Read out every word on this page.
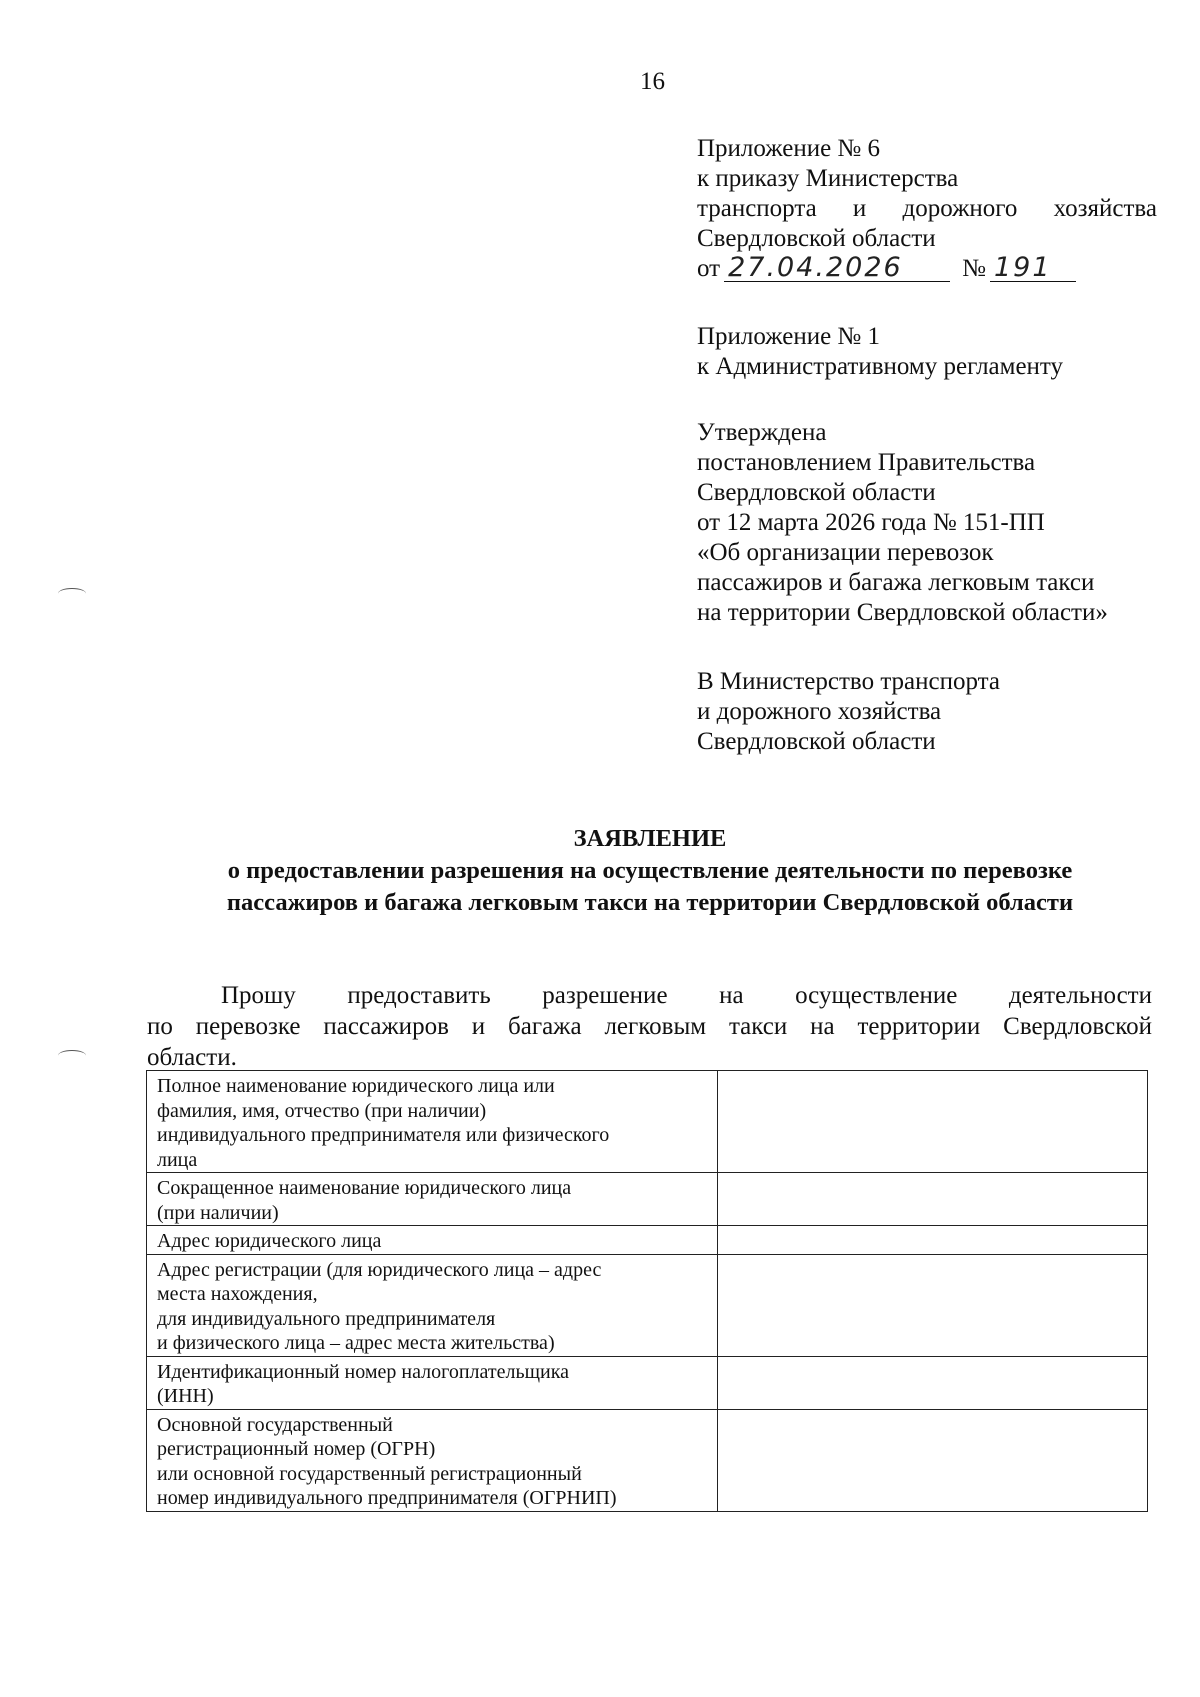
16
Приложение № 6
к приказу Министерства
транспорта и дорожного хозяйства
Свердловской области
от 27.04.2026	№ 191
Приложение № 1
к Административному регламенту
Утверждена
постановлением Правительства
Свердловской области
от 12 марта 2026 года № 151-ПП
«Об организации перевозок
пассажиров и багажа легковым такси
на территории Свердловской области»
В Министерство транспорта
и дорожного хозяйства
Свердловской области
ЗАЯВЛЕНИЕ
о предоставлении разрешения на осуществление деятельности по перевозке
пассажиров и багажа легковым такси на территории Свердловской области
Прошу предоставить разрешение на осуществление деятельности
по перевозке пассажиров и багажа легковым такси на территории Свердловской
области.
Полное наименование юридического лица или
фамилия, имя, отчество (при наличии)
индивидуального предпринимателя или физического
лица	

Сокращенное наименование юридического лица
(при наличии)	

Адрес юридического лица	

Адрес регистрации (для юридического лица – адрес
места нахождения,
для индивидуального предпринимателя
и физического лица – адрес места жительства)	

Идентификационный номер налогоплательщика
(ИНН)	

Основной государственный
регистрационный номер (ОГРН)
или основной государственный регистрационный
номер индивидуального предпринимателя (ОГРНИП)	
